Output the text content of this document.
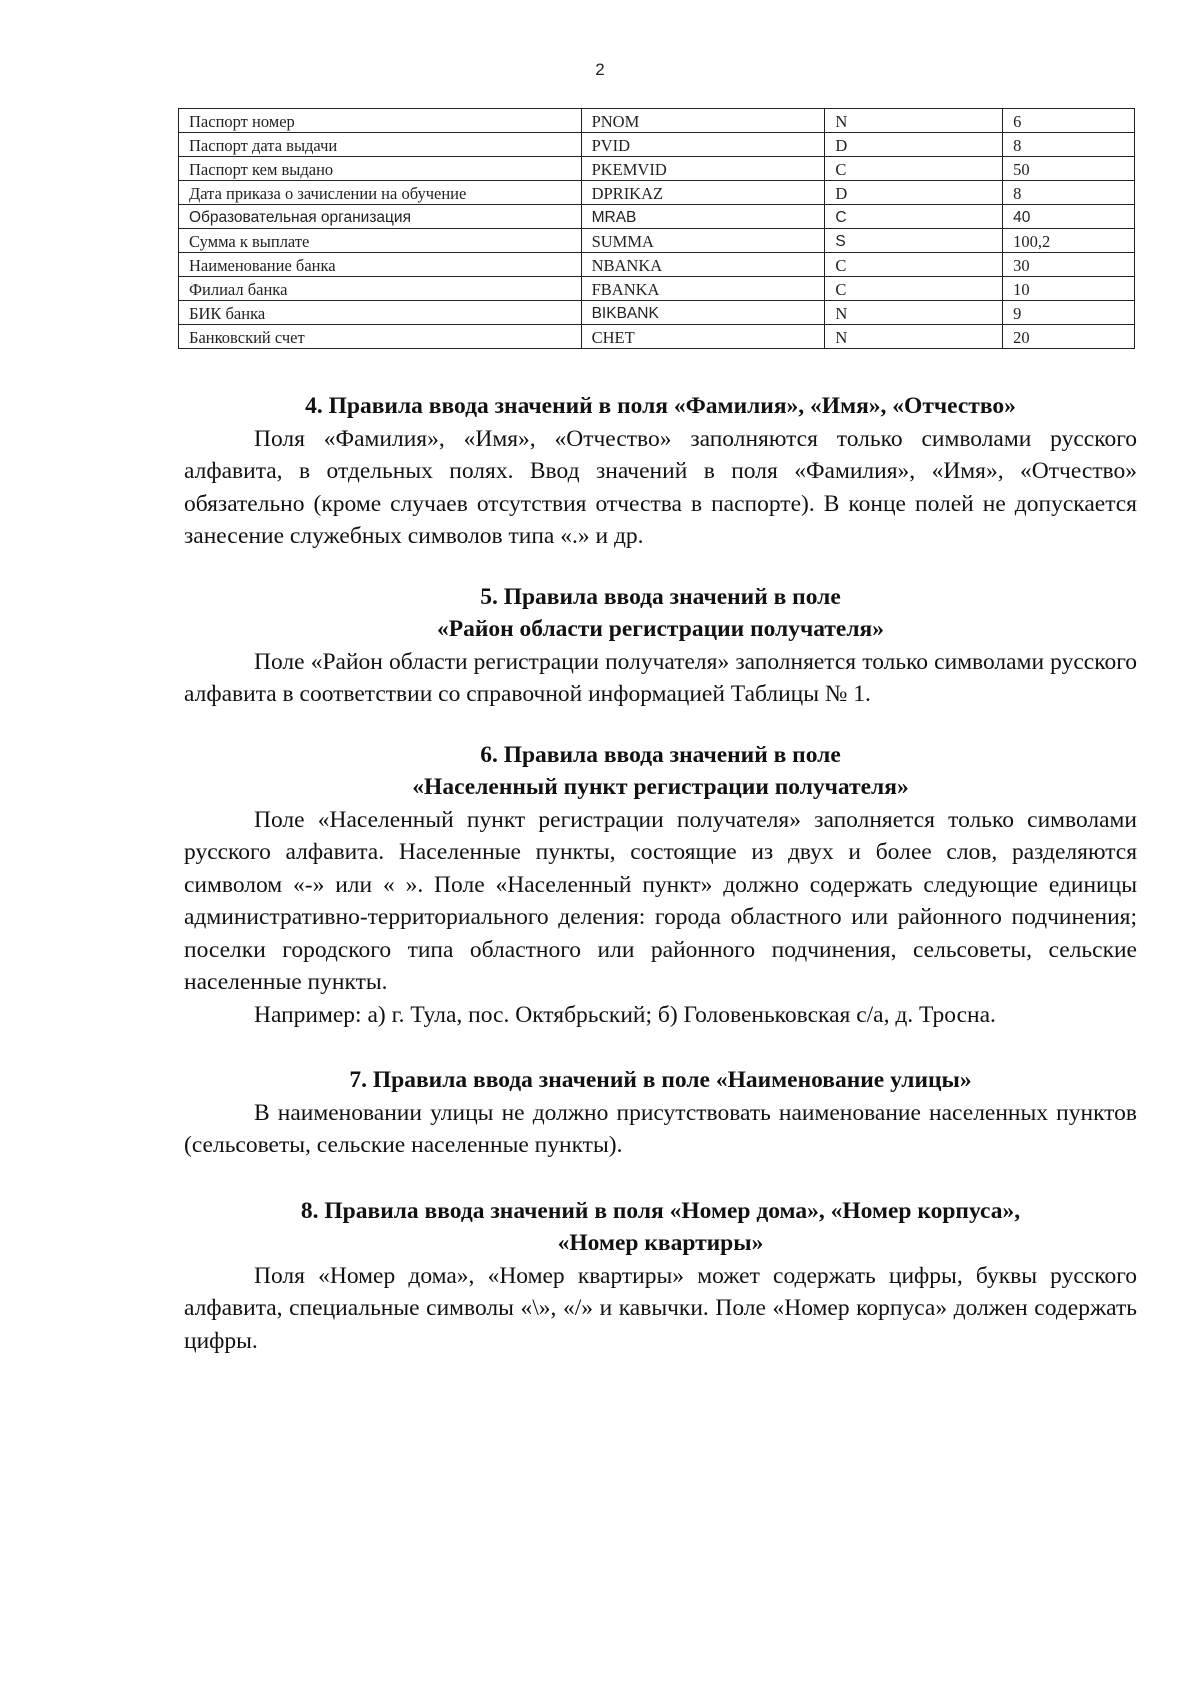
2
Паспорт номер	PNOM	N	6
Паспорт дата выдачи	PVID	D	8
Паспорт кем выдано	PKEMVID	C	50
Дата приказа о зачислении на обучение	DPRIKAZ	D	8
Образовательная организация	MRAB	C	40
Сумма к выплате	SUMMA	S	100,2
Наименование банка	NBANKA	C	30
Филиал банка	FBANKA	C	10
БИК банка	BIKBANK	N	9
Банковский счет	CHET	N	20

4. Правила ввода значений в поля «Фамилия», «Имя», «Отчество»

Поля «Фамилия», «Имя», «Отчество» заполняются только символами русского алфавита, в отдельных полях. Ввод значений в поля «Фамилия», «Имя», «Отчество» обязательно (кроме случаев отсутствия отчества в паспорте). В конце полей не допускается занесение служебных символов типа «.» и др.

5. Правила ввода значений в поле

«Район области регистрации получателя»

Поле «Район области регистрации получателя» заполняется только символами русского алфавита в соответствии со справочной информацией Таблицы № 1.

6. Правила ввода значений в поле

«Населенный пункт регистрации получателя»

Поле «Населенный пункт регистрации получателя» заполняется только символами русского алфавита. Населенные пункты, состоящие из двух и более слов, разделяются символом «-» или « ». Поле «Населенный пункт» должно содержать следующие единицы административно-территориального деления: города областного или районного подчинения; поселки городского типа областного или районного подчинения, сельсоветы, сельские населенные пункты.

Например: а) г. Тула, пос. Октябрьский; б) Головеньковская с/а, д. Тросна.

7. Правила ввода значений в поле «Наименование улицы»

В наименовании улицы не должно присутствовать наименование населенных пунктов (сельсоветы, сельские населенные пункты).

8. Правила ввода значений в поля «Номер дома», «Номер корпуса»,

«Номер квартиры»

Поля «Номер дома», «Номер квартиры» может содержать цифры, буквы русского алфавита, специальные символы «\», «/» и кавычки. Поле «Номер корпуса» должен содержать цифры.
